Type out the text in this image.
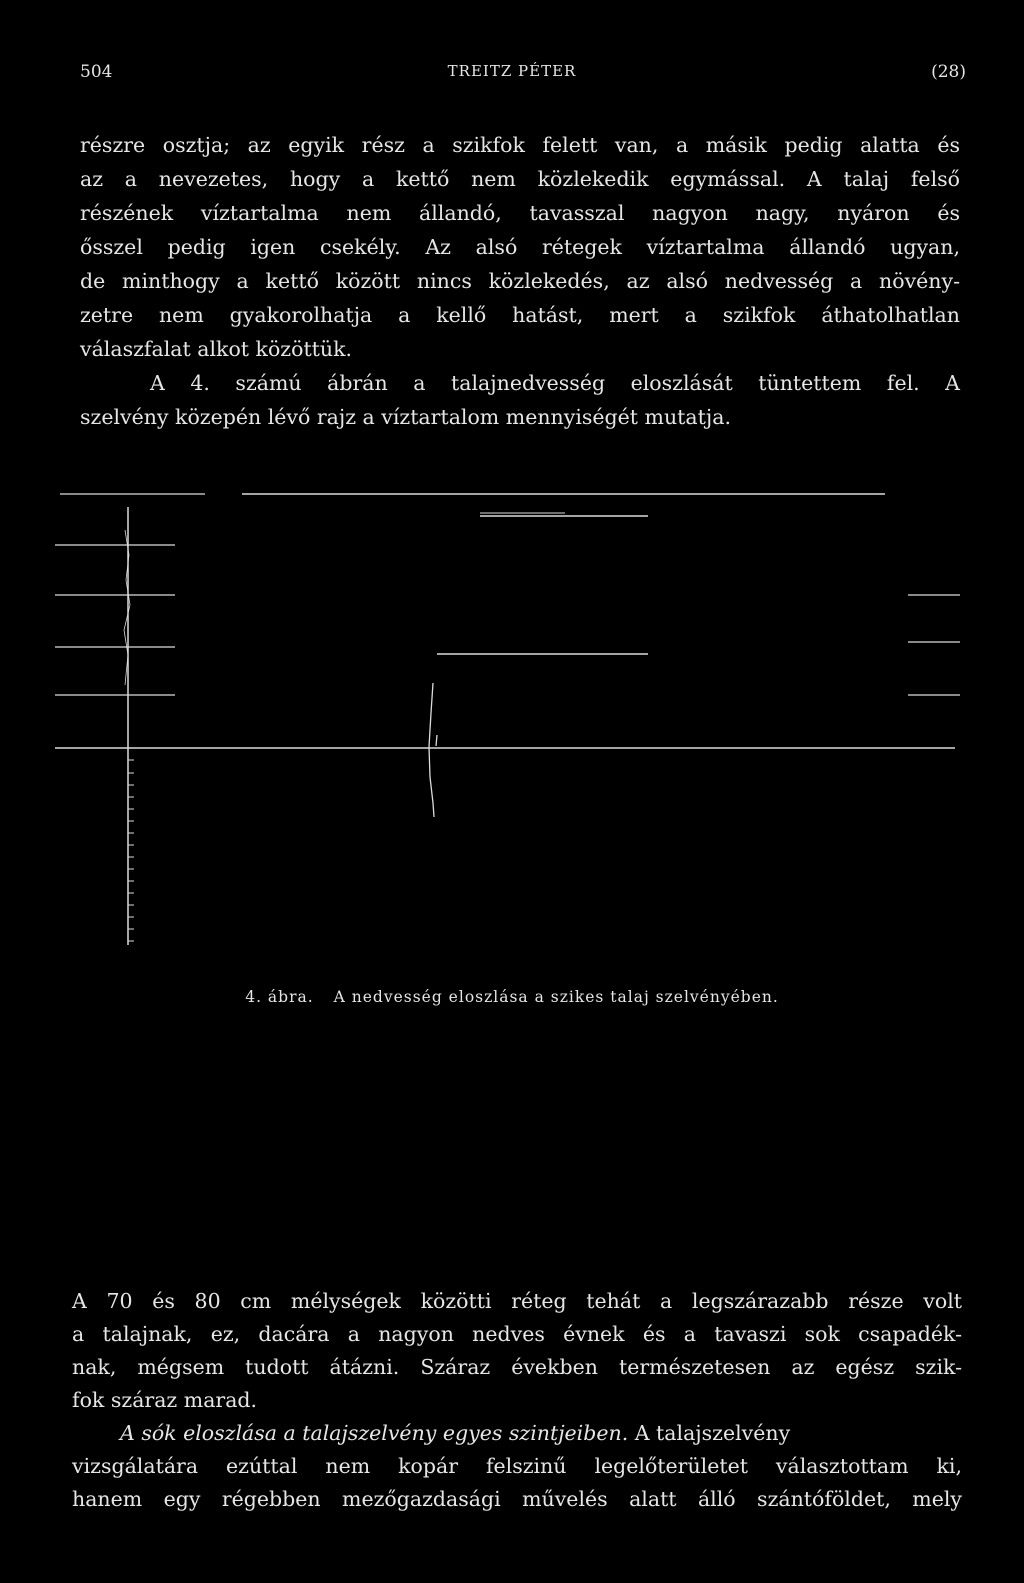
504	TREITZ PÉTER	(28)

részre osztja; az egyik rész a szikfok felett van, a másik pedig alatta és
az a nevezetes, hogy a kettő nem közlekedik egymással. A talaj felső
részének víztartalma nem állandó, tavasszal nagyon nagy, nyáron és
ősszel pedig igen csekély. Az alsó rétegek víztartalma állandó ugyan,
de minthogy a kettő között nincs közlekedés, az alsó nedvesség a növény-
zetre nem gyakorolhatja a kellő hatást, mert a szikfok áthatolhatlan
válaszfalat alkot közöttük.

A 4. számú ábrán a talajnedvesség eloszlását tüntettem fel. A
szelvény közepén lévő rajz a víztartalom mennyiségét mutatja.

4. ábra. A nedvesség eloszlása a szikes talaj szelvényében.

A 70 és 80 cm mélységek közötti réteg tehát a legszárazabb része volt
a talajnak, ez, dacára a nagyon nedves évnek és a tavaszi sok csapadék-
nak, mégsem tudott átázni. Száraz években természetesen az egész szik-
fok száraz marad.

A sók eloszlása a talajszelvény egyes szintjeiben. A talajszelvény
vizsgálatára ezúttal nem kopár felszinű legelőterületet választottam ki,
hanem egy régebben mezőgazdasági művelés alatt álló szántóföldet, mely
